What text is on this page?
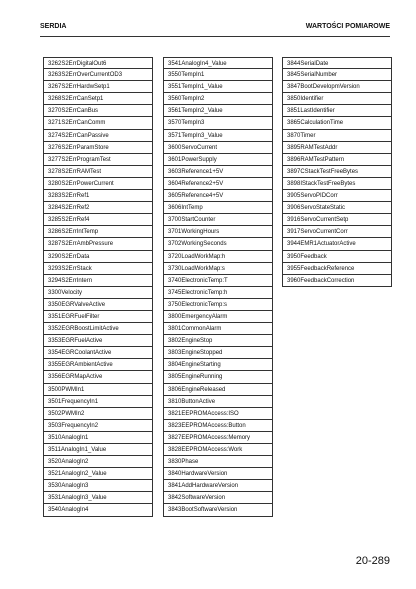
SERDIA	WARTOŚCI POMIAROWE
3262S2ErrDigitalOut6
3263S2ErrOverCurrentOD3
3267S2ErrHardwSetp1
3268S2ErrCanSetp1
3270S2ErrCanBus
3271S2ErrCanComm
3274S2ErrCanPassive
3276S2ErrParamStore
3277S2ErrProgramTest
3278S2ErrRAMTest
3280S2ErrPowerCurrent
3283S2ErrRef1
3284S2ErrRef2
3285S2ErrRef4
3286S2ErrIntTemp
3287S2ErrAmbPressure
3290S2ErrData
3293S2ErrStack
3294S2ErrIntern
3300Velocity
3350EGRValveActive
3351EGRFuelFilter
3352EGRBoostLimitActive
3353EGRFuelActive
3354EGRCoolantActive
3355EGRAmbientActive
3356EGRMapActive
3500PWMIn1
3501FrequencyIn1
3502PWMIn2
3503FrequencyIn2
3510AnalogIn1
3511AnalogIn1_Value
3520AnalogIn2
3521AnalogIn2_Value
3530AnalogIn3
3531AnalogIn3_Value
3540AnalogIn4
3541AnalogIn4_Value
3550TempIn1
3551TempIn1_Value
3560TempIn2
3561TempIn2_Value
3570TempIn3
3571TempIn3_Value
3600ServoCurrent
3601PowerSupply
3603Reference1+5V
3604Reference2+5V
3605Reference4+5V
3606IntTemp
3700StartCounter
3701WorkingHours
3702WorkingSeconds
3720LoadWorkMap:h
3730LoadWorkMap:s
3740ElectronicTemp:T
3745ElectronicTemp:h
3750ElectronicTemp:s
3800EmergencyAlarm
3801CommonAlarm
3802EngineStop
3803EngineStopped
3804EngineStarting
3805EngineRunning
3806EngineReleased
3810ButtonActive
3821EEPROMAccess:ISO
3823EEPROMAccess:Button
3827EEPROMAccess:Memory
3828EEPROMAccess:Work
3830Phase
3840HardwareVersion
3841AddHardwareVersion
3842SoftwareVersion
3843BootSoftwareVersion
3844SerialDate
3845SerialNumber
3847BootDevelopmVersion
3850Identifier
3851LastIdentifier
3865CalculationTime
3870Timer
3895RAMTestAddr
3896RAMTestPattern
3897CStackTestFreeBytes
3898IStackTestFreeBytes
3905ServoPIDCorr
3906ServoStateStatic
3916ServoCurrentSetp
3917ServoCurrentCorr
3944EMR1ActuatorActive
3950Feedback
3955FeedbackReference
3960FeedbackCorrection
20-289
